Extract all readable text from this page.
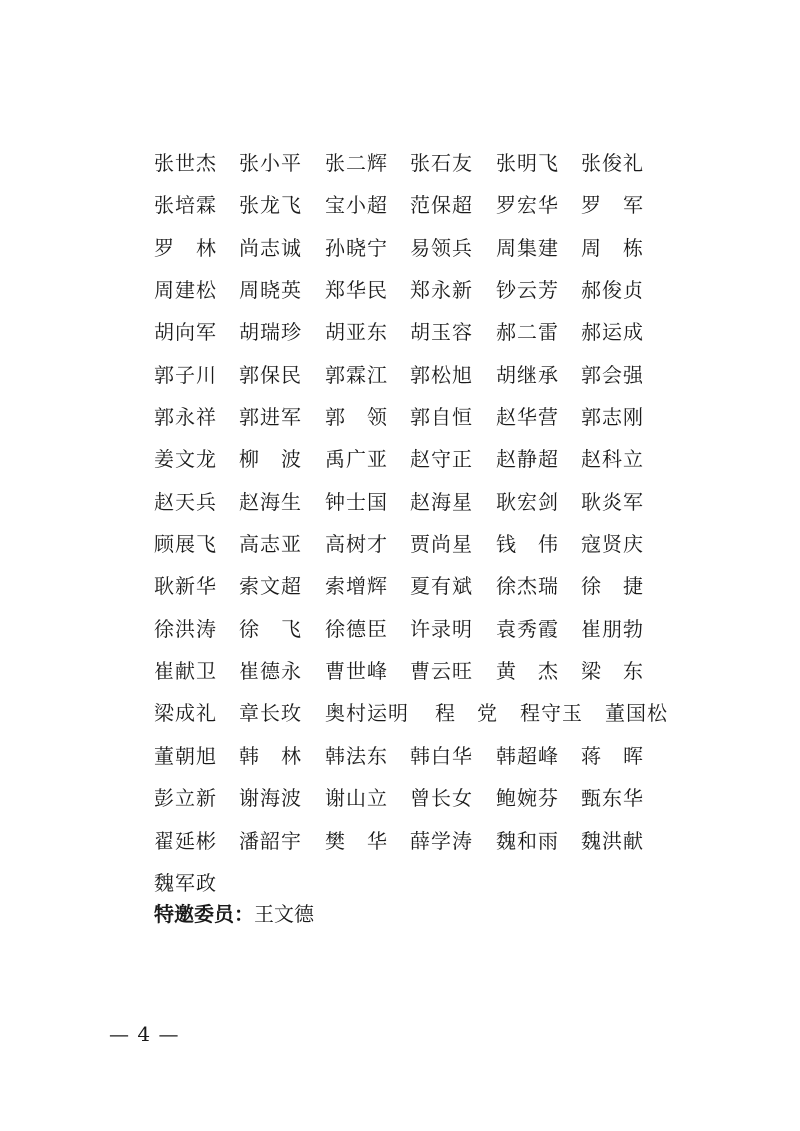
张世杰 张小平 张二辉 张石友 张明飞 张俊礼
张培霖 张龙飞 宝小超 范保超 罗宏华 罗　军
罗　林 尚志诚 孙晓宁 易领兵 周集建 周　栋
周建松 周晓英 郑华民 郑永新 钞云芳 郝俊贞
胡向军 胡瑞珍 胡亚东 胡玉容 郝二雷 郝运成
郭子川 郭保民 郭霖江 郭松旭 胡继承 郭会强
郭永祥 郭进军 郭　领 郭自恒 赵华营 郭志刚
姜文龙 柳　波 禹广亚 赵守正 赵静超 赵科立
赵天兵 赵海生 钟士国 赵海星 耿宏剑 耿炎军
顾展飞 高志亚 高树才 贾尚星 钱　伟 寇贤庆
耿新华 索文超 索增辉 夏有斌 徐杰瑞 徐　捷
徐洪涛 徐　飞 徐德臣 许录明 袁秀霞 崔朋勃
崔献卫 崔德永 曹世峰 曹云旺 黄　杰 梁　东
梁成礼 章长玫 奥村运明 程　党 程守玉 董国松
董朝旭 韩　林 韩法东 韩白华 韩超峰 蒋　晖
彭立新 谢海波 谢山立 曾长女 鲍婉芬 甄东华
翟延彬 潘韶宇 樊　华 薛学涛 魏和雨 魏洪献
魏军政
特邀委员：王文德
— 4 —
